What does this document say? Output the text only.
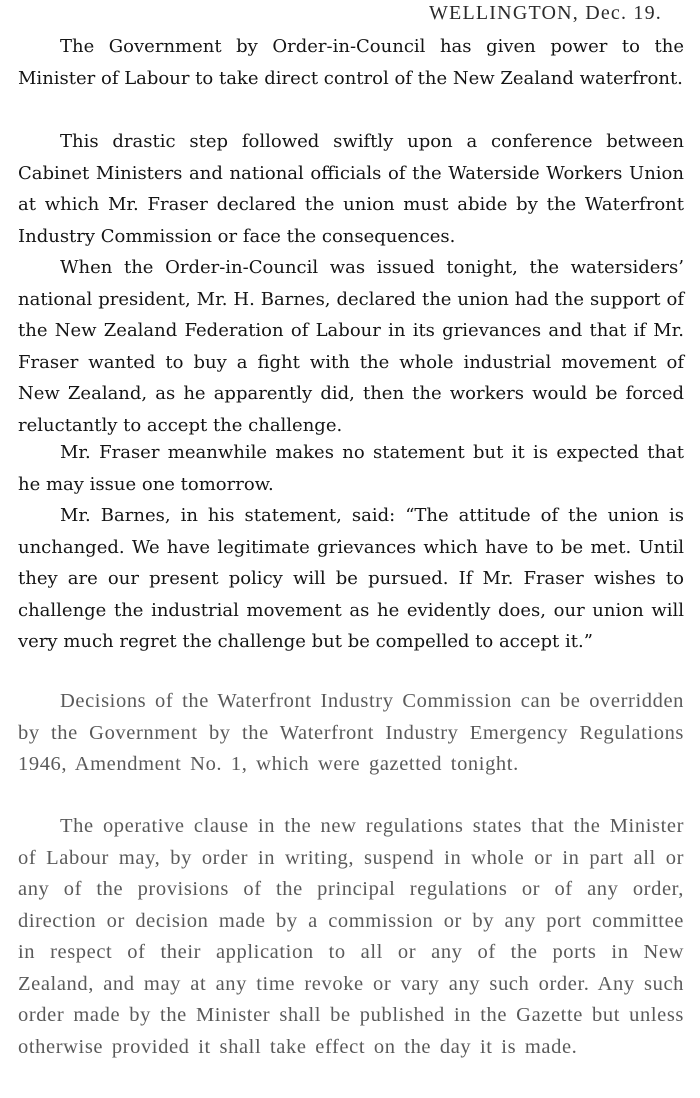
WELLINGTON, Dec. 19.

The Government by Order-in-Council has given power to the Minister of Labour to take direct control of the New Zealand waterfront.

This drastic step followed swiftly upon a conference between Cabinet Ministers and national officials of the Waterside Workers Union at which Mr. Fraser declared the union must abide by the Waterfront Industry Commission or face the consequences.

When the Order-in-Council was issued tonight, the watersiders’ national president, Mr. H. Barnes, declared the union had the support of the New Zealand Federation of Labour in its grievances and that if Mr. Fraser wanted to buy a fight with the whole industrial movement of New Zealand, as he apparently did, then the workers would be forced reluctantly to accept the challenge.

Mr. Fraser meanwhile makes no statement but it is expected that he may issue one tomorrow.

Mr. Barnes, in his statement, said: “The attitude of the union is unchanged. We have legitimate grievances which have to be met. Until they are our present policy will be pursued. If Mr. Fraser wishes to challenge the industrial movement as he evidently does, our union will very much regret the challenge but be compelled to accept it.”

Decisions of the Waterfront Industry Commission can be overridden by the Government by the Waterfront Industry Emergency Regulations 1946, Amendment No. 1, which were gazetted tonight.

The operative clause in the new regulations states that the Minister of Labour may, by order in writing, suspend in whole or in part all or any of the provisions of the principal regulations or of any order, direction or decision made by a commission or by any port committee in respect of their application to all or any of the ports in New Zealand, and may at any time revoke or vary any such order. Any such order made by the Minister shall be published in the Gazette but unless otherwise provided it shall take effect on the day it is made.
